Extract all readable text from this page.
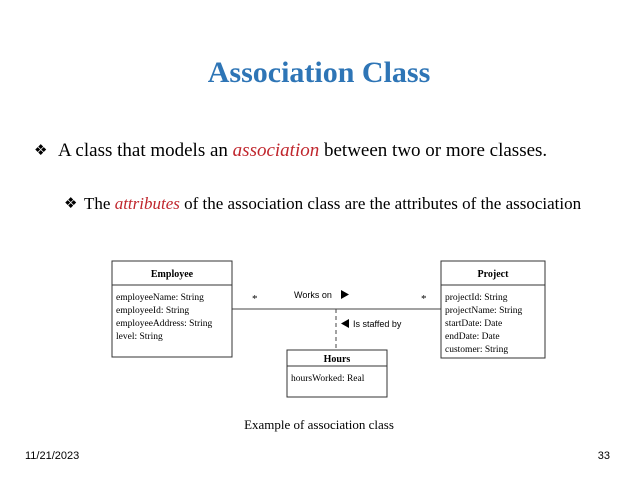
Association Class
❖ A class that models an association between two or more classes.
❖ The attributes of the association class are the attributes of the association
*	*
Works on
Is staffed by
Employee
employeeName: String
employeeId: String
employeeAddress: String
level: String
Project
projectId: String
projectName: String
startDate: Date
endDate: Date
customer: String
Hours
hoursWorked: Real
Example of association class
11/21/2023	33
